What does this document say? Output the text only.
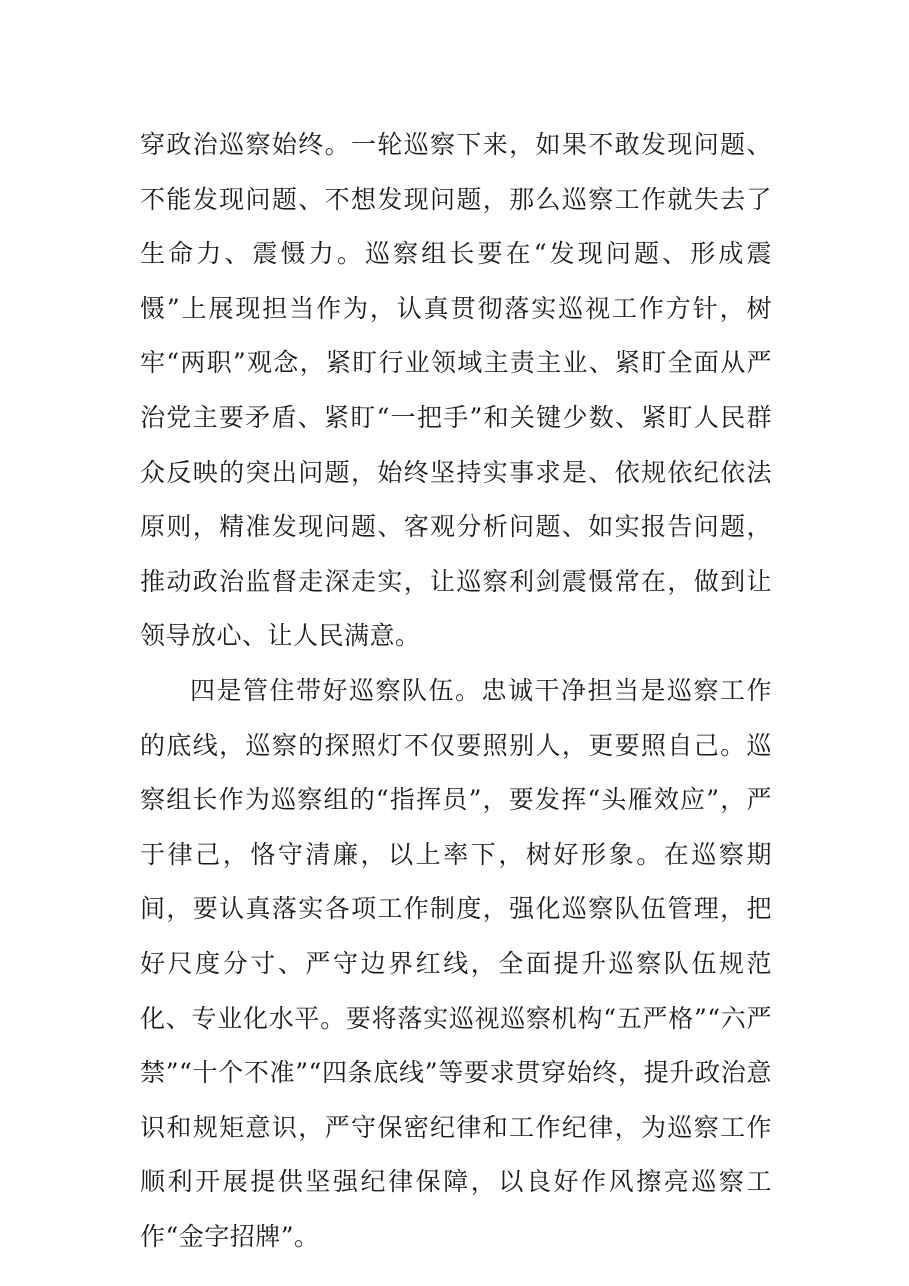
穿政治巡察始终。一轮巡察下来，如果不敢发现问题、不能发现问题、不想发现问题，那么巡察工作就失去了生命力、震慑力。巡察组长要在“发现问题、形成震慑”上展现担当作为，认真贯彻落实巡视工作方针，树牢“两职”观念，紧盯行业领域主责主业、紧盯全面从严治党主要矛盾、紧盯“一把手”和关键少数、紧盯人民群众反映的突出问题，始终坚持实事求是、依规依纪依法原则，精准发现问题、客观分析问题、如实报告问题，推动政治监督走深走实，让巡察利剑震慑常在，做到让领导放心、让人民满意。

四是管住带好巡察队伍。忠诚干净担当是巡察工作的底线，巡察的探照灯不仅要照别人，更要照自己。巡察组长作为巡察组的“指挥员”，要发挥“头雁效应”，严于律己，恪守清廉，以上率下，树好形象。在巡察期间，要认真落实各项工作制度，强化巡察队伍管理，把好尺度分寸、严守边界红线，全面提升巡察队伍规范化、专业化水平。要将落实巡视巡察机构“五严格”“六严禁”“十个不准”“四条底线”等要求贯穿始终，提升政治意识和规矩意识，严守保密纪律和工作纪律，为巡察工作顺利开展提供坚强纪律保障，以良好作风擦亮巡察工作“金字招牌”。
